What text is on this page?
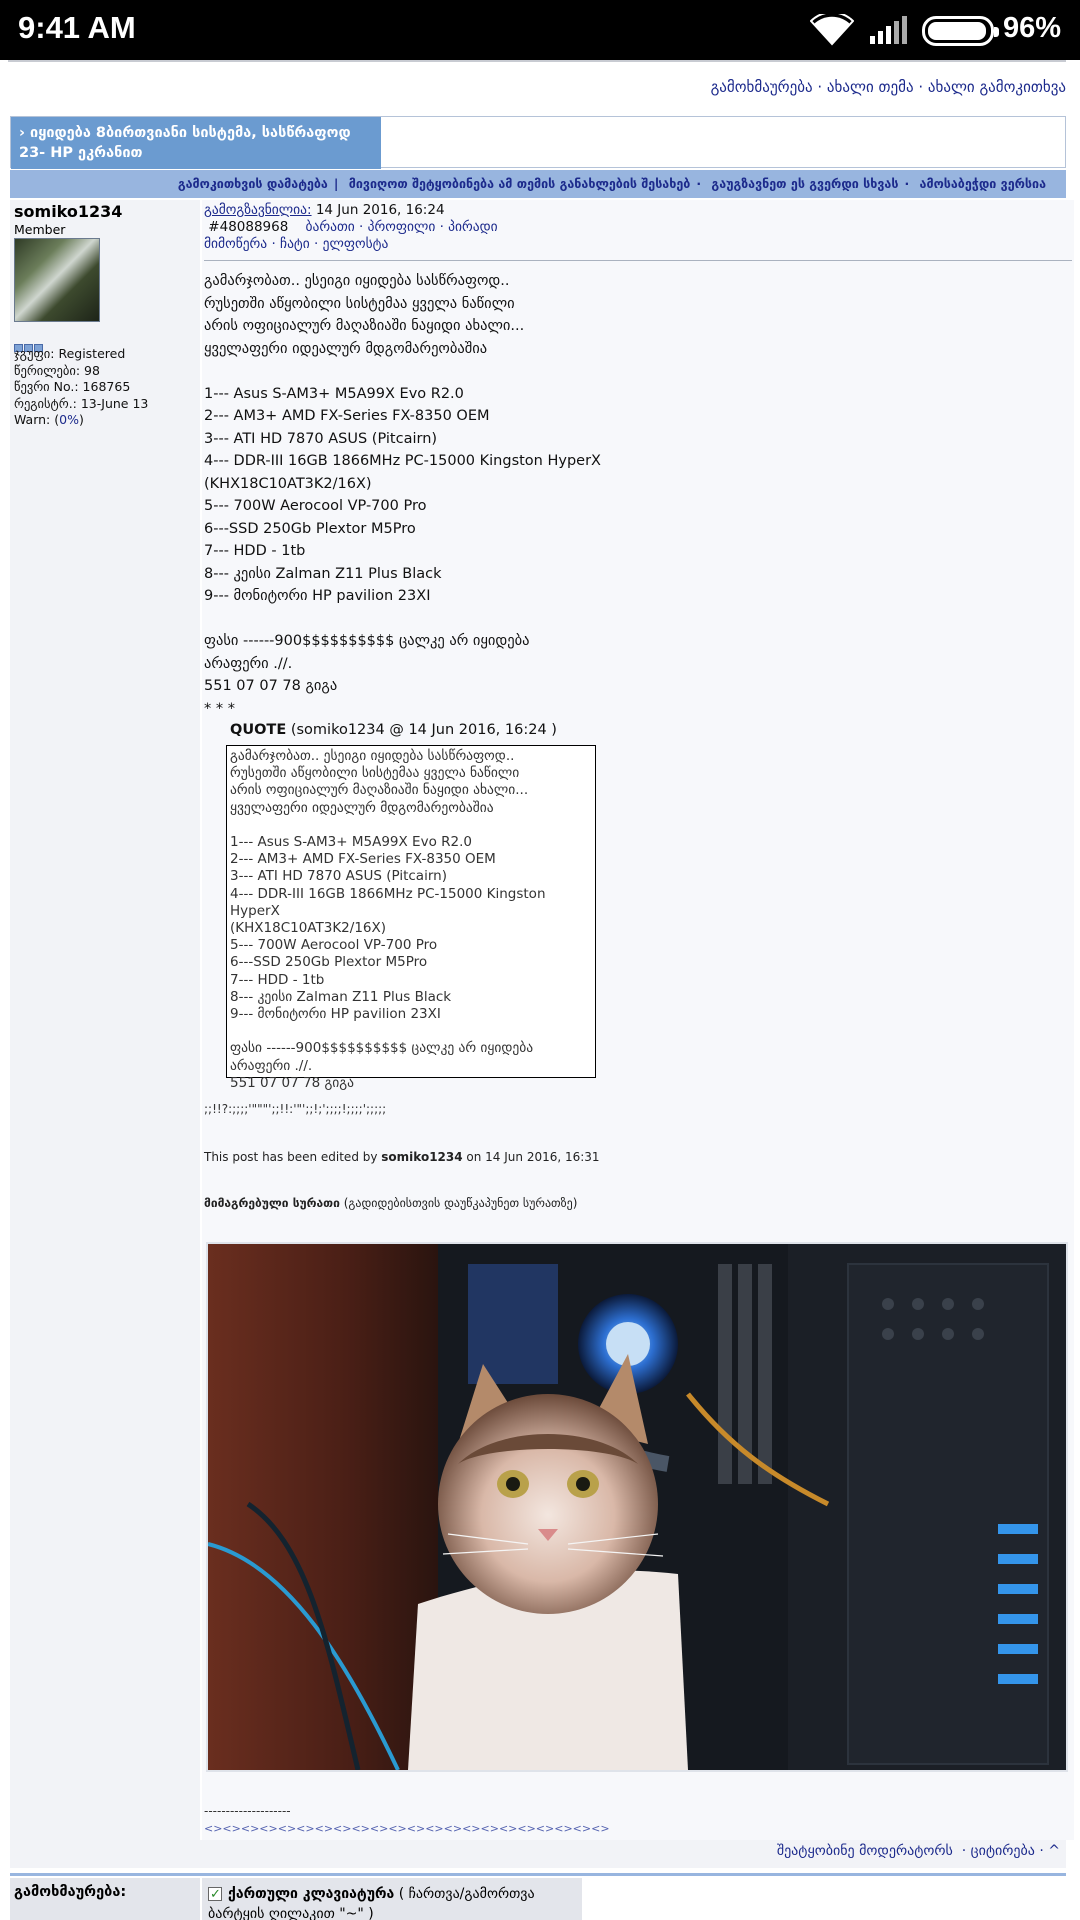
9:41 AM	96%
გამოხმაურება · ახალი თემა · ახალი გამოკითხვა
› იყიდება 8ბირთვიანი სისტემა, სასწრაფოდ 23- HP ეკრანით
გამოკითხვის დამატება | მივიღოთ შეტყობინება ამ თემის განახლების შესახებ · გაუგზავნეთ ეს გვერდი სხვას · ამოსაბეჭდი ვერსია
somiko1234
Member
ჯგუფი: Registered
წერილები: 98
წევრი No.: 168765
რეგისტრ.: 13-June 13
Warn: (0%)
გამოგზავნილია: 14 Jun 2016, 16:24
#48088968 ბარათი · პროფილი · პირადი
მიმოწერა · ჩატი · ელფოსტა
გამარჯობათ.. ესეიგი იყიდება სასწრაფოდ..
რუსეთში აწყობილი სისტემაა ყველა ნაწილი
არის ოფიციალურ მაღაზიაში ნაყიდი ახალი...
ყველაფერი იდეალურ მდგომარეობაშია

1--- Asus S-AM3+ M5A99X Evo R2.0
2--- AM3+ AMD FX-Series FX-8350 OEM
3--- ATI HD 7870 ASUS (Pitcairn)
4--- DDR-III 16GB 1866MHz PC-15000 Kingston HyperX
(KHX18C10AT3K2/16X)
5--- 700W Aerocool VP-700 Pro
6---SSD 250Gb Plextor M5Pro
7--- HDD - 1tb
8--- კეისი Zalman Z11 Plus Black
9--- მონიტორი HP pavilion 23XI

ფასი ------900$$$$$$$$$$ ცალკე არ იყიდება
არაფერი .//.
551 07 07 78 გიგა
* * *
QUOTE (somiko1234 @ 14 Jun 2016, 16:24 )
გამარჯობათ.. ესეიგი იყიდება სასწრაფოდ..
რუსეთში აწყობილი სისტემაა ყველა ნაწილი
არის ოფიციალურ მაღაზიაში ნაყიდი ახალი...
ყველაფერი იდეალურ მდგომარეობაშია

1--- Asus S-AM3+ M5A99X Evo R2.0
2--- AM3+ AMD FX-Series FX-8350 OEM
3--- ATI HD 7870 ASUS (Pitcairn)
4--- DDR-III 16GB 1866MHz PC-15000 Kingston HyperX
(KHX18C10AT3K2/16X)
5--- 700W Aerocool VP-700 Pro
6---SSD 250Gb Plextor M5Pro
7--- HDD - 1tb
8--- კეისი Zalman Z11 Plus Black
9--- მონიტორი HP pavilion 23XI

ფასი ------900$$$$$$$$$$ ცალკე არ იყიდება
არაფერი .//.
551 07 07 78 გიგა
;;!!?:;;;;'"""';;!!:'"';;!;';;;;!;;;;';;;;;
This post has been edited by somiko1234 on 14 Jun 2016, 16:31
მიმაგრებული სურათი (გადიდებისთვის დაუწკაპუნეთ სურათზე)
--------------------
<><><><><><><><><><><><><><><><><><><><><><>
შეატყობინე მოდერატორს  · ციტირება · ^
გამოხმაურება:
✓	ქართული კლავიატურა ( ჩართვა/გამორთვა ბარტყის ღილაკით "~" )
